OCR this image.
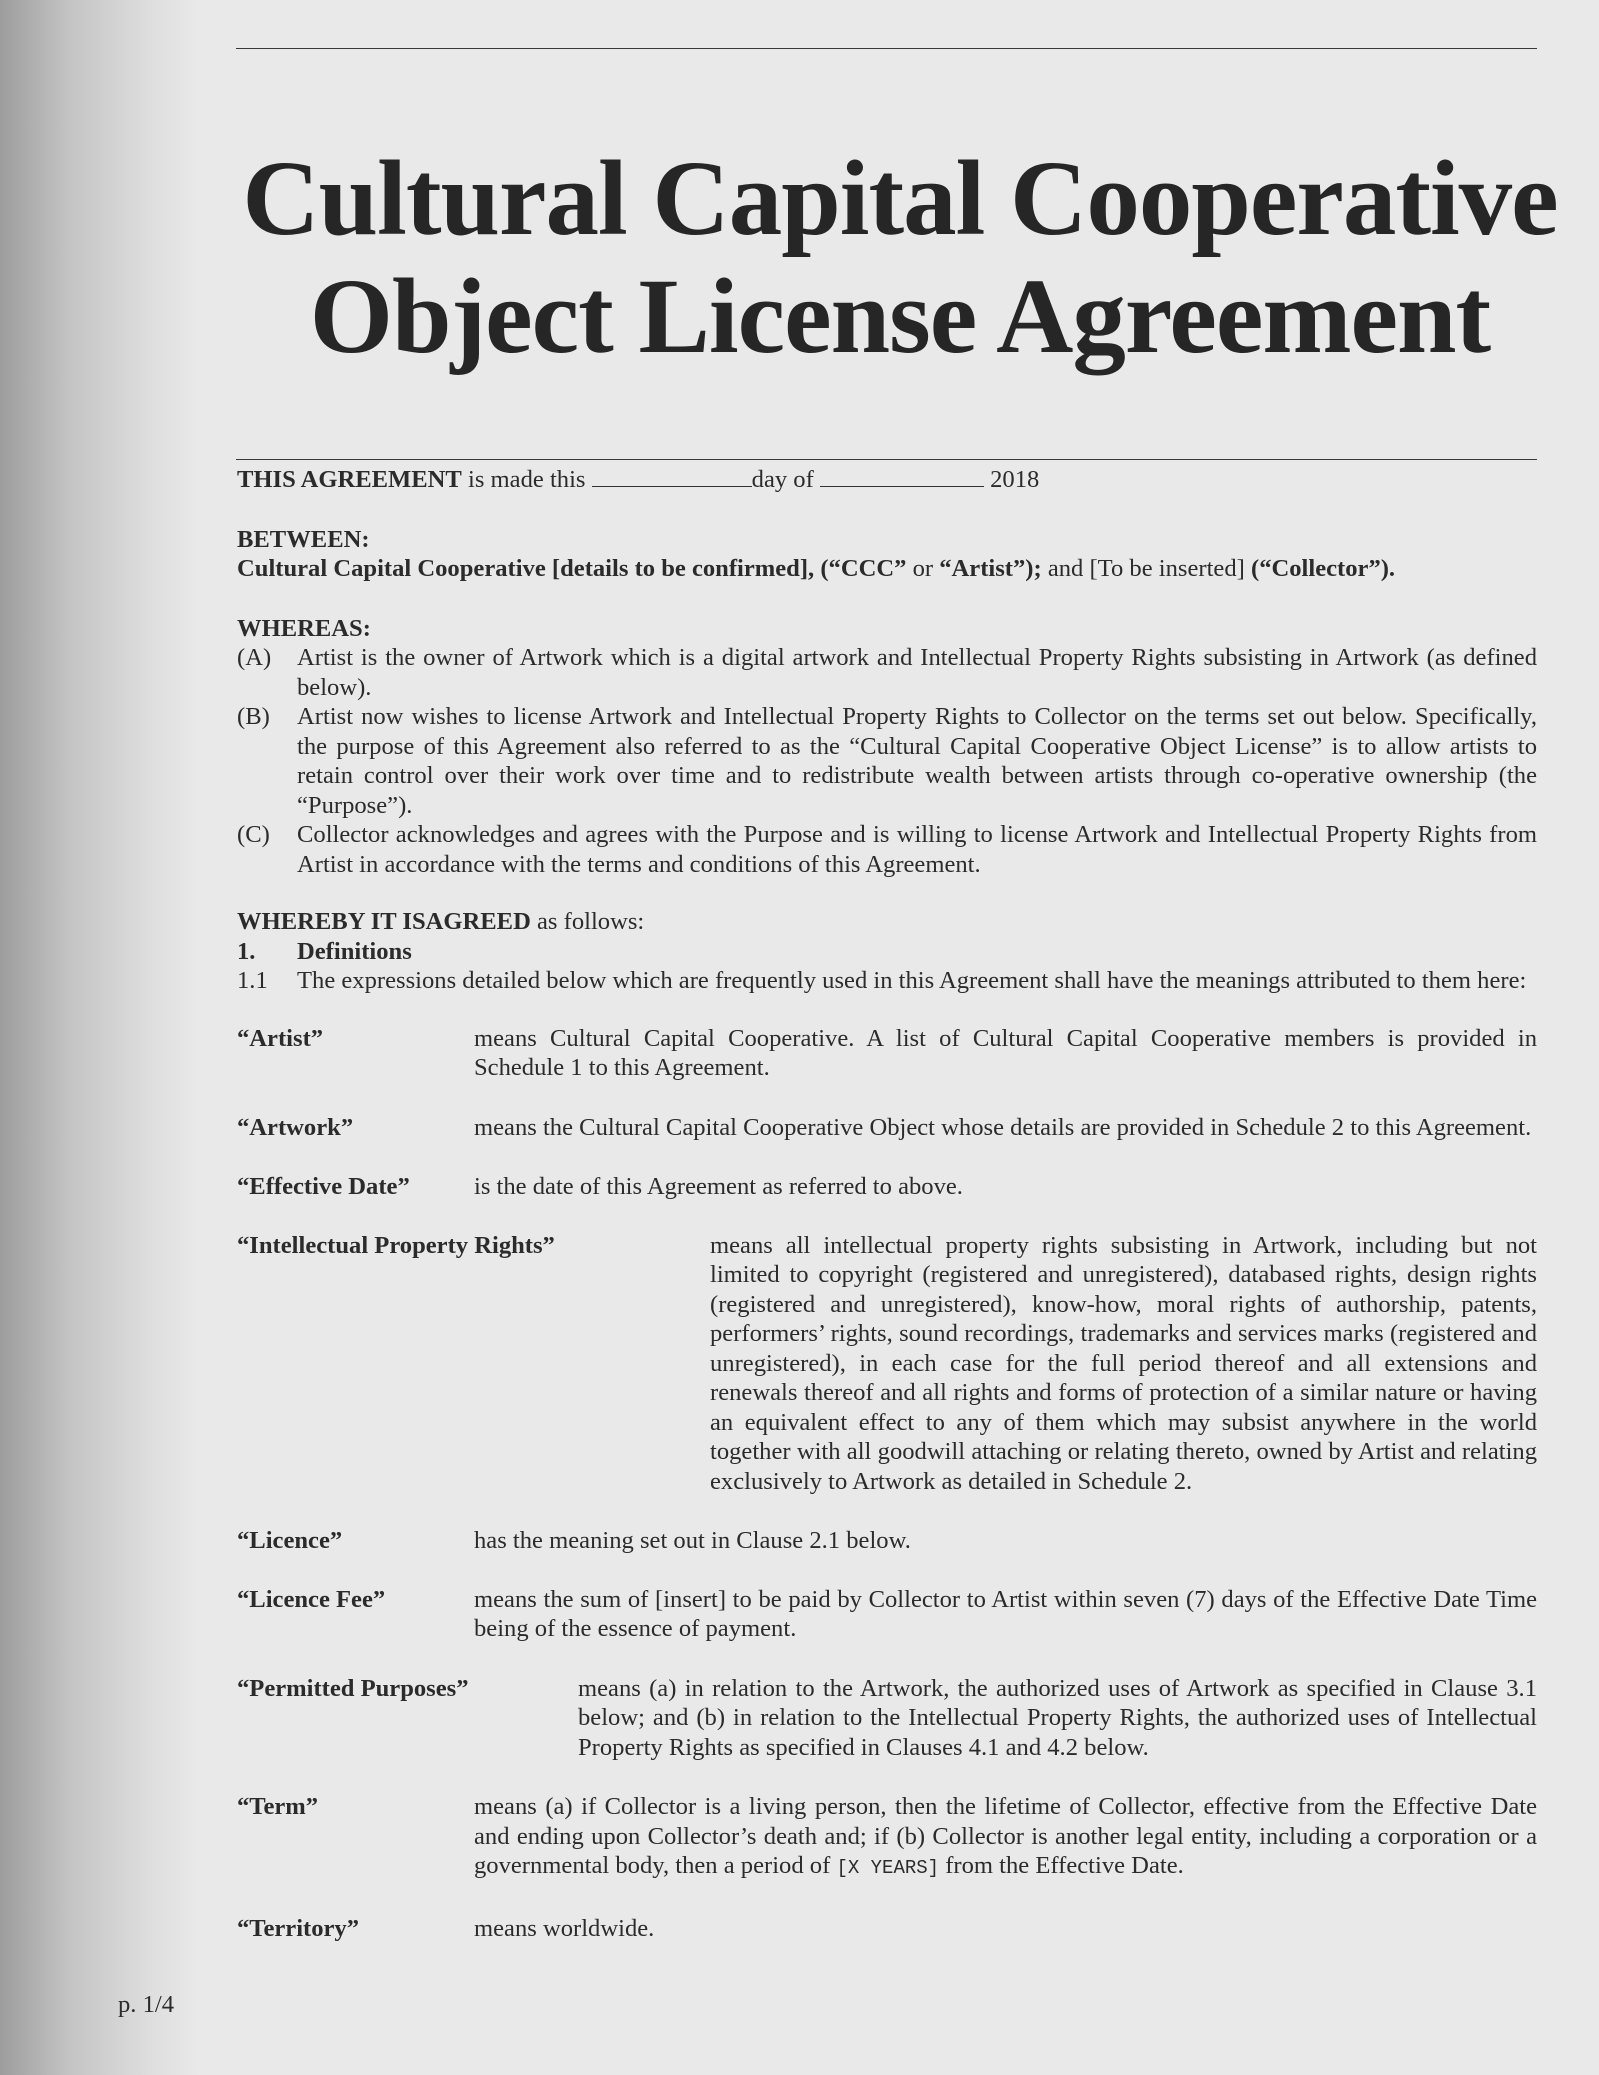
Cultural Capital Cooperative
Object License Agreement
THIS AGREEMENT is made this	day of	2018
BETWEEN:
Cultural Capital Cooperative [details to be confirmed], (“CCC” or “Artist”); and [To be inserted] (“Collector”).
WHEREAS:
(A)	Artist is the owner of Artwork which is a digital artwork and Intellectual Property Rights subsisting in Artwork (as defined below).
(B)	Artist now wishes to license Artwork and Intellectual Property Rights to Collector on the terms set out below. Specifically, the purpose of this Agreement also referred to as the “Cultural Capital Cooperative Object License” is to allow artists to retain control over their work over time and to redistribute wealth between artists through co-operative ownership (the “Purpose”).
(C)	Collector acknowledges and agrees with the Purpose and is willing to license Artwork and Intellectual Property Rights from Artist in accordance with the terms and conditions of this Agreement.
WHEREBY IT ISAGREED as follows:
1.	Definitions
1.1	The expressions detailed below which are frequently used in this Agreement shall have the meanings attributed to them here:
“Artist”	means Cultural Capital Cooperative. A list of Cultural Capital Cooperative members is provided in Schedule 1 to this Agreement.
“Artwork”	means the Cultural Capital Cooperative Object whose details are provided in Schedule 2 to this Agreement.
“Effective Date”	is the date of this Agreement as referred to above.
“Intellectual Property Rights”	means all intellectual property rights subsisting in Artwork, including but not limited to copyright (registered and unregistered), databased rights, design rights (registered and unregistered), know-how, moral rights of authorship, patents, performers’ rights, sound recordings, trademarks and services marks (registered and unregistered), in each case for the full period thereof and all extensions and renewals thereof and all rights and forms of protection of a similar nature or having an equivalent effect to any of them which may subsist anywhere in the world together with all goodwill attaching or relating thereto, owned by Artist and relating exclusively to Artwork as detailed in Schedule 2.
“Licence”	has the meaning set out in Clause 2.1 below.
“Licence Fee”	means the sum of [insert] to be paid by Collector to Artist within seven (7) days of the Effective Date Time being of the essence of payment.
“Permitted Purposes”	means (a) in relation to the Artwork, the authorized uses of Artwork as specified in Clause 3.1 below; and (b) in relation to the Intellectual Property Rights, the authorized uses of Intellectual Property Rights as specified in Clauses 4.1 and 4.2 below.
“Term”	means (a) if Collector is a living person, then the lifetime of Collector, effective from the Effective Date and ending upon Collector’s death and; if (b) Collector is another legal entity, including a corporation or a governmental body, then a period of [X YEARS] from the Effective Date.
“Territory”	means worldwide.
p. 1/4
